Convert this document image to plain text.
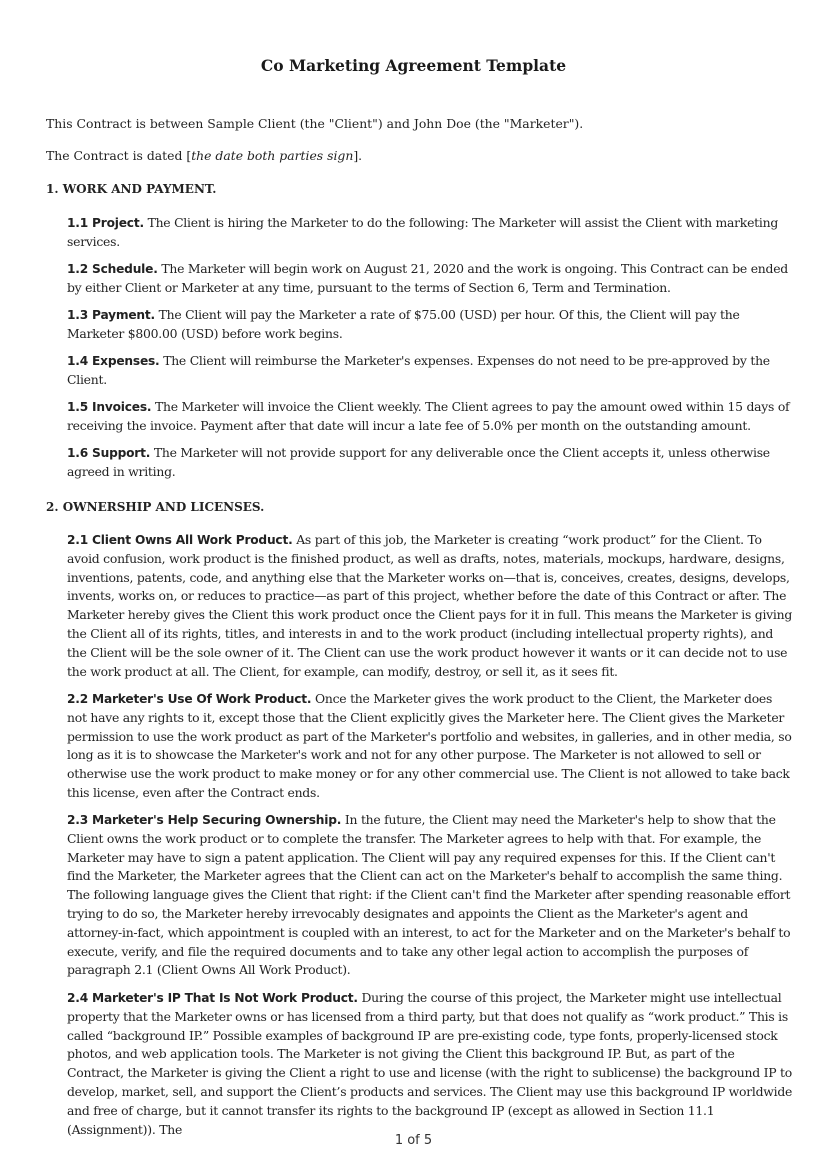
Co Marketing Agreement Template
This Contract is between Sample Client (the "Client") and John Doe (the "Marketer").
The Contract is dated [the date both parties sign].
1. WORK AND PAYMENT.

1.1 Project. The Client is hiring the Marketer to do the following: The Marketer will assist the Client with marketing services.

1.2 Schedule. The Marketer will begin work on August 21, 2020 and the work is ongoing. This Contract can be ended by either Client or Marketer at any time, pursuant to the terms of Section 6, Term and Termination.

1.3 Payment. The Client will pay the Marketer a rate of $75.00 (USD) per hour. Of this, the Client will pay the Marketer $800.00 (USD) before work begins.

1.4 Expenses. The Client will reimburse the Marketer's expenses. Expenses do not need to be pre-approved by the Client.

1.5 Invoices. The Marketer will invoice the Client weekly. The Client agrees to pay the amount owed within 15 days of receiving the invoice. Payment after that date will incur a late fee of 5.0% per month on the outstanding amount.

1.6 Support. The Marketer will not provide support for any deliverable once the Client accepts it, unless otherwise agreed in writing.

2. OWNERSHIP AND LICENSES.

2.1 Client Owns All Work Product. As part of this job, the Marketer is creating “work product” for the Client. To avoid confusion, work product is the finished product, as well as drafts, notes, materials, mockups, hardware, designs, inventions, patents, code, and anything else that the Marketer works on—that is, conceives, creates, designs, develops, invents, works on, or reduces to practice—as part of this project, whether before the date of this Contract or after. The Marketer hereby gives the Client this work product once the Client pays for it in full. This means the Marketer is giving the Client all of its rights, titles, and interests in and to the work product (including intellectual property rights), and the Client will be the sole owner of it. The Client can use the work product however it wants or it can decide not to use the work product at all. The Client, for example, can modify, destroy, or sell it, as it sees fit.

2.2 Marketer's Use Of Work Product. Once the Marketer gives the work product to the Client, the Marketer does not have any rights to it, except those that the Client explicitly gives the Marketer here. The Client gives the Marketer permission to use the work product as part of the Marketer's portfolio and websites, in galleries, and in other media, so long as it is to showcase the Marketer's work and not for any other purpose. The Marketer is not allowed to sell or otherwise use the work product to make money or for any other commercial use. The Client is not allowed to take back this license, even after the Contract ends.

2.3 Marketer's Help Securing Ownership. In the future, the Client may need the Marketer's help to show that the Client owns the work product or to complete the transfer. The Marketer agrees to help with that. For example, the Marketer may have to sign a patent application. The Client will pay any required expenses for this. If the Client can't find the Marketer, the Marketer agrees that the Client can act on the Marketer's behalf to accomplish the same thing. The following language gives the Client that right: if the Client can't find the Marketer after spending reasonable effort trying to do so, the Marketer hereby irrevocably designates and appoints the Client as the Marketer's agent and attorney-in-fact, which appointment is coupled with an interest, to act for the Marketer and on the Marketer's behalf to execute, verify, and file the required documents and to take any other legal action to accomplish the purposes of paragraph 2.1 (Client Owns All Work Product).

2.4 Marketer's IP That Is Not Work Product. During the course of this project, the Marketer might use intellectual property that the Marketer owns or has licensed from a third party, but that does not qualify as “work product.” This is called “background IP.” Possible examples of background IP are pre-existing code, type fonts, properly-licensed stock photos, and web application tools. The Marketer is not giving the Client this background IP. But, as part of the Contract, the Marketer is giving the Client a right to use and license (with the right to sublicense) the background IP to develop, market, sell, and support the Client’s products and services. The Client may use this background IP worldwide and free of charge, but it cannot transfer its rights to the background IP (except as allowed in Section 11.1 (Assignment)). The

1 of 5
